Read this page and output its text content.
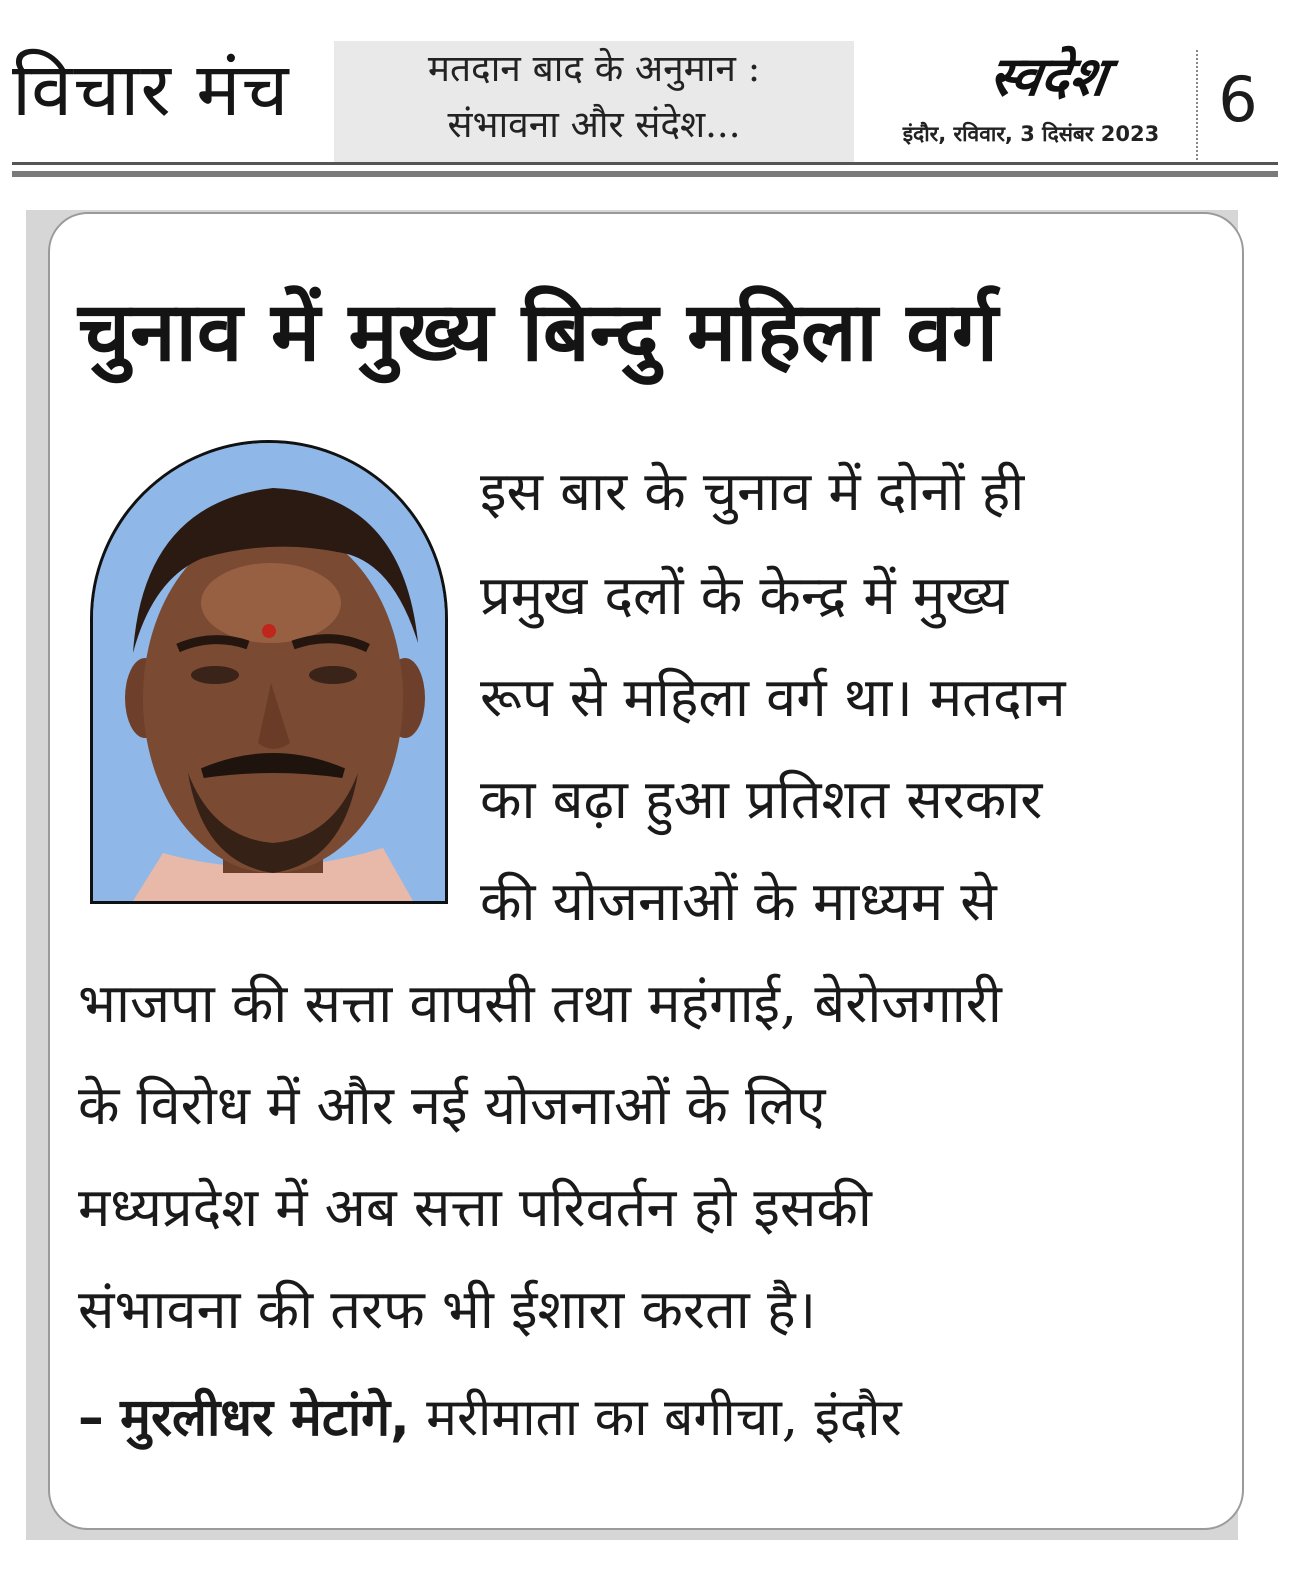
विचार मंच	मतदान बाद के अनुमान :
संभावना और संदेश...
स्वदेश
इंदौर, रविवार, 3 दिसंबर 2023 6
चुनाव में मुख्य बिन्दु महिला वर्ग
इस बार के चुनाव में दोनों ही
प्रमुख दलों के केन्द्र में मुख्य
रूप से महिला वर्ग था। मतदान
का बढ़ा हुआ प्रतिशत सरकार
की योजनाओं के माध्यम से
भाजपा की सत्ता वापसी तथा महंगाई, बेरोजगारी
के विरोध में और नई योजनाओं के लिए
मध्यप्रदेश में अब सत्ता परिवर्तन हो इसकी
संभावना की तरफ भी ईशारा करता है।
– मुरलीधर मेटांगे, मरीमाता का बगीचा, इंदौर
